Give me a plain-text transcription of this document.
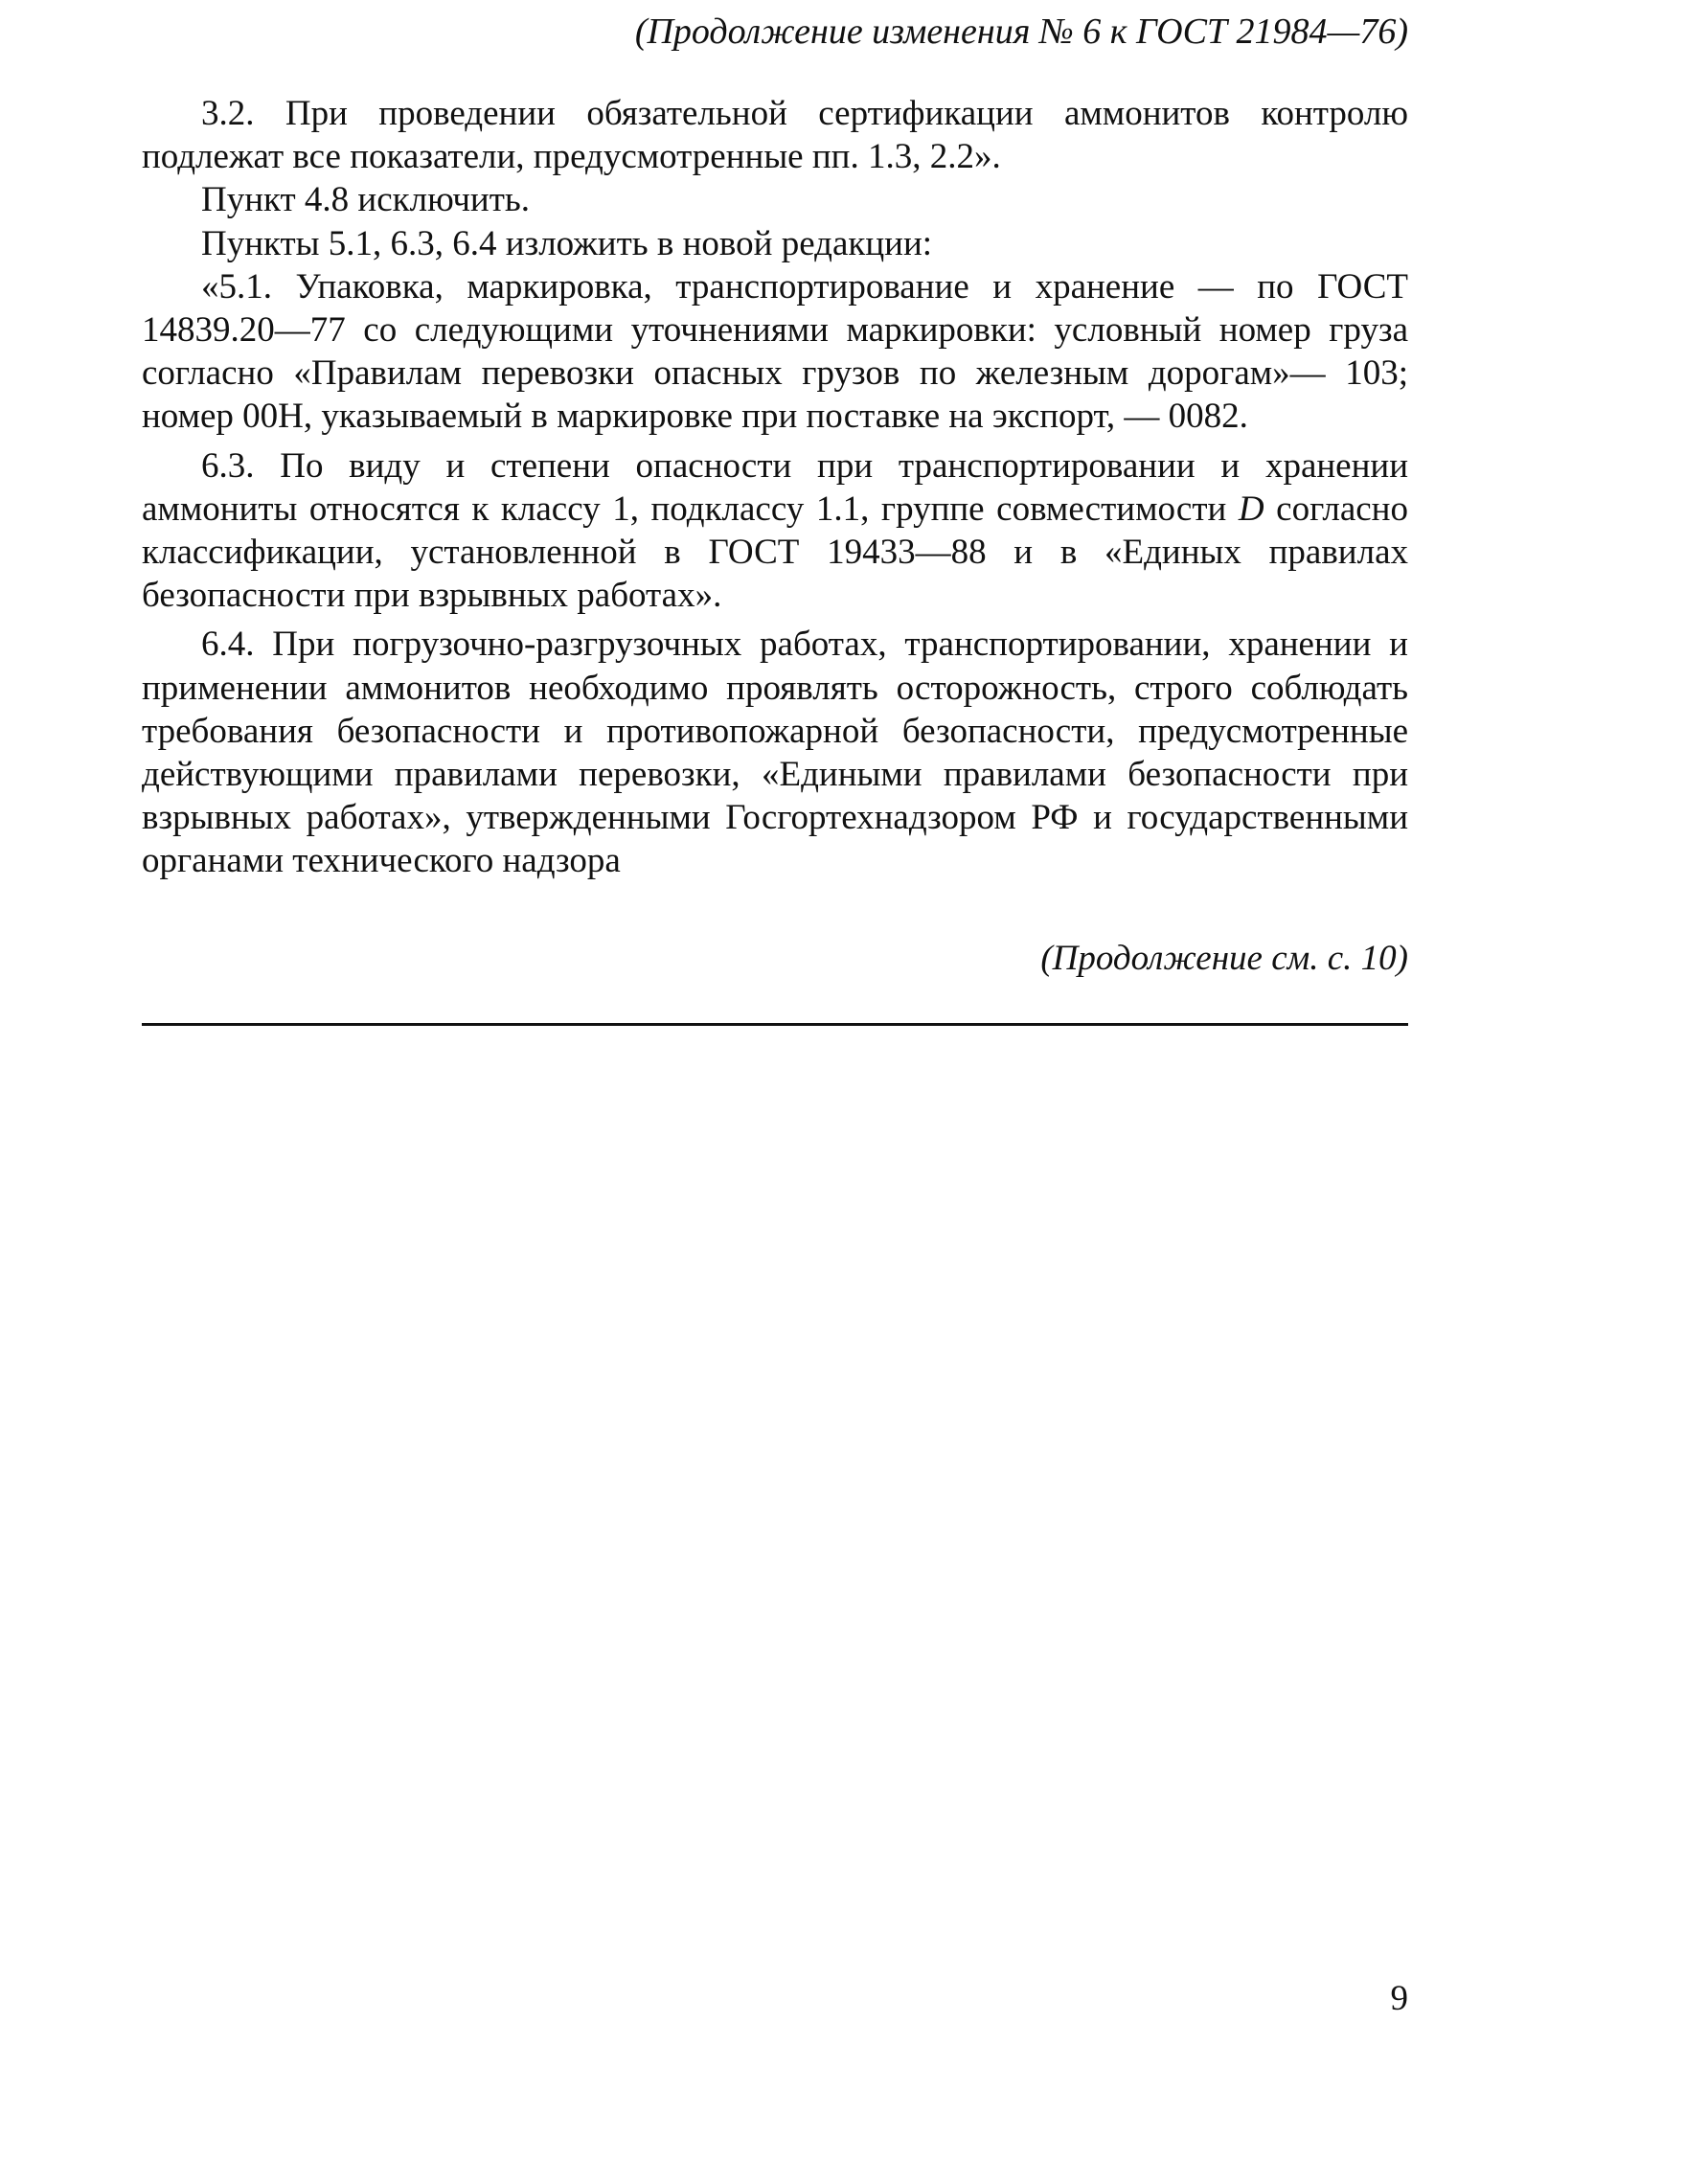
(Продолжение изменения № 6 к ГОСТ 21984—76)

3.2. При проведении обязательной сертификации аммонитов контролю подлежат все показатели, предусмотренные пп. 1.3, 2.2».

Пункт 4.8 исключить.

Пункты 5.1, 6.3, 6.4 изложить в новой редакции:

«5.1. Упаковка, маркировка, транспортирование и хранение — по ГОСТ 14839.20—77 со следующими уточнениями маркировки: условный номер груза согласно «Правилам перевозки опасных грузов по железным дорогам»— 103; номер 00Н, указываемый в маркировке при поставке на экспорт, — 0082.

6.3. По виду и степени опасности при транспортировании и хранении аммониты относятся к классу 1, подклассу 1.1, группе совместимости D согласно классификации, установленной в ГОСТ 19433—88 и в «Единых правилах безопасности при взрывных работах».

6.4. При погрузочно-разгрузочных работах, транспортировании, хранении и применении аммонитов необходимо проявлять осторожность, строго соблюдать требования безопасности и противопожарной безопасности, предусмотренные действующими правилами перевозки, «Едиными правилами безопасности при взрывных работах», утвержденными Госгортехнадзором РФ и государственными органами технического надзора

(Продолжение см. с. 10)
9
